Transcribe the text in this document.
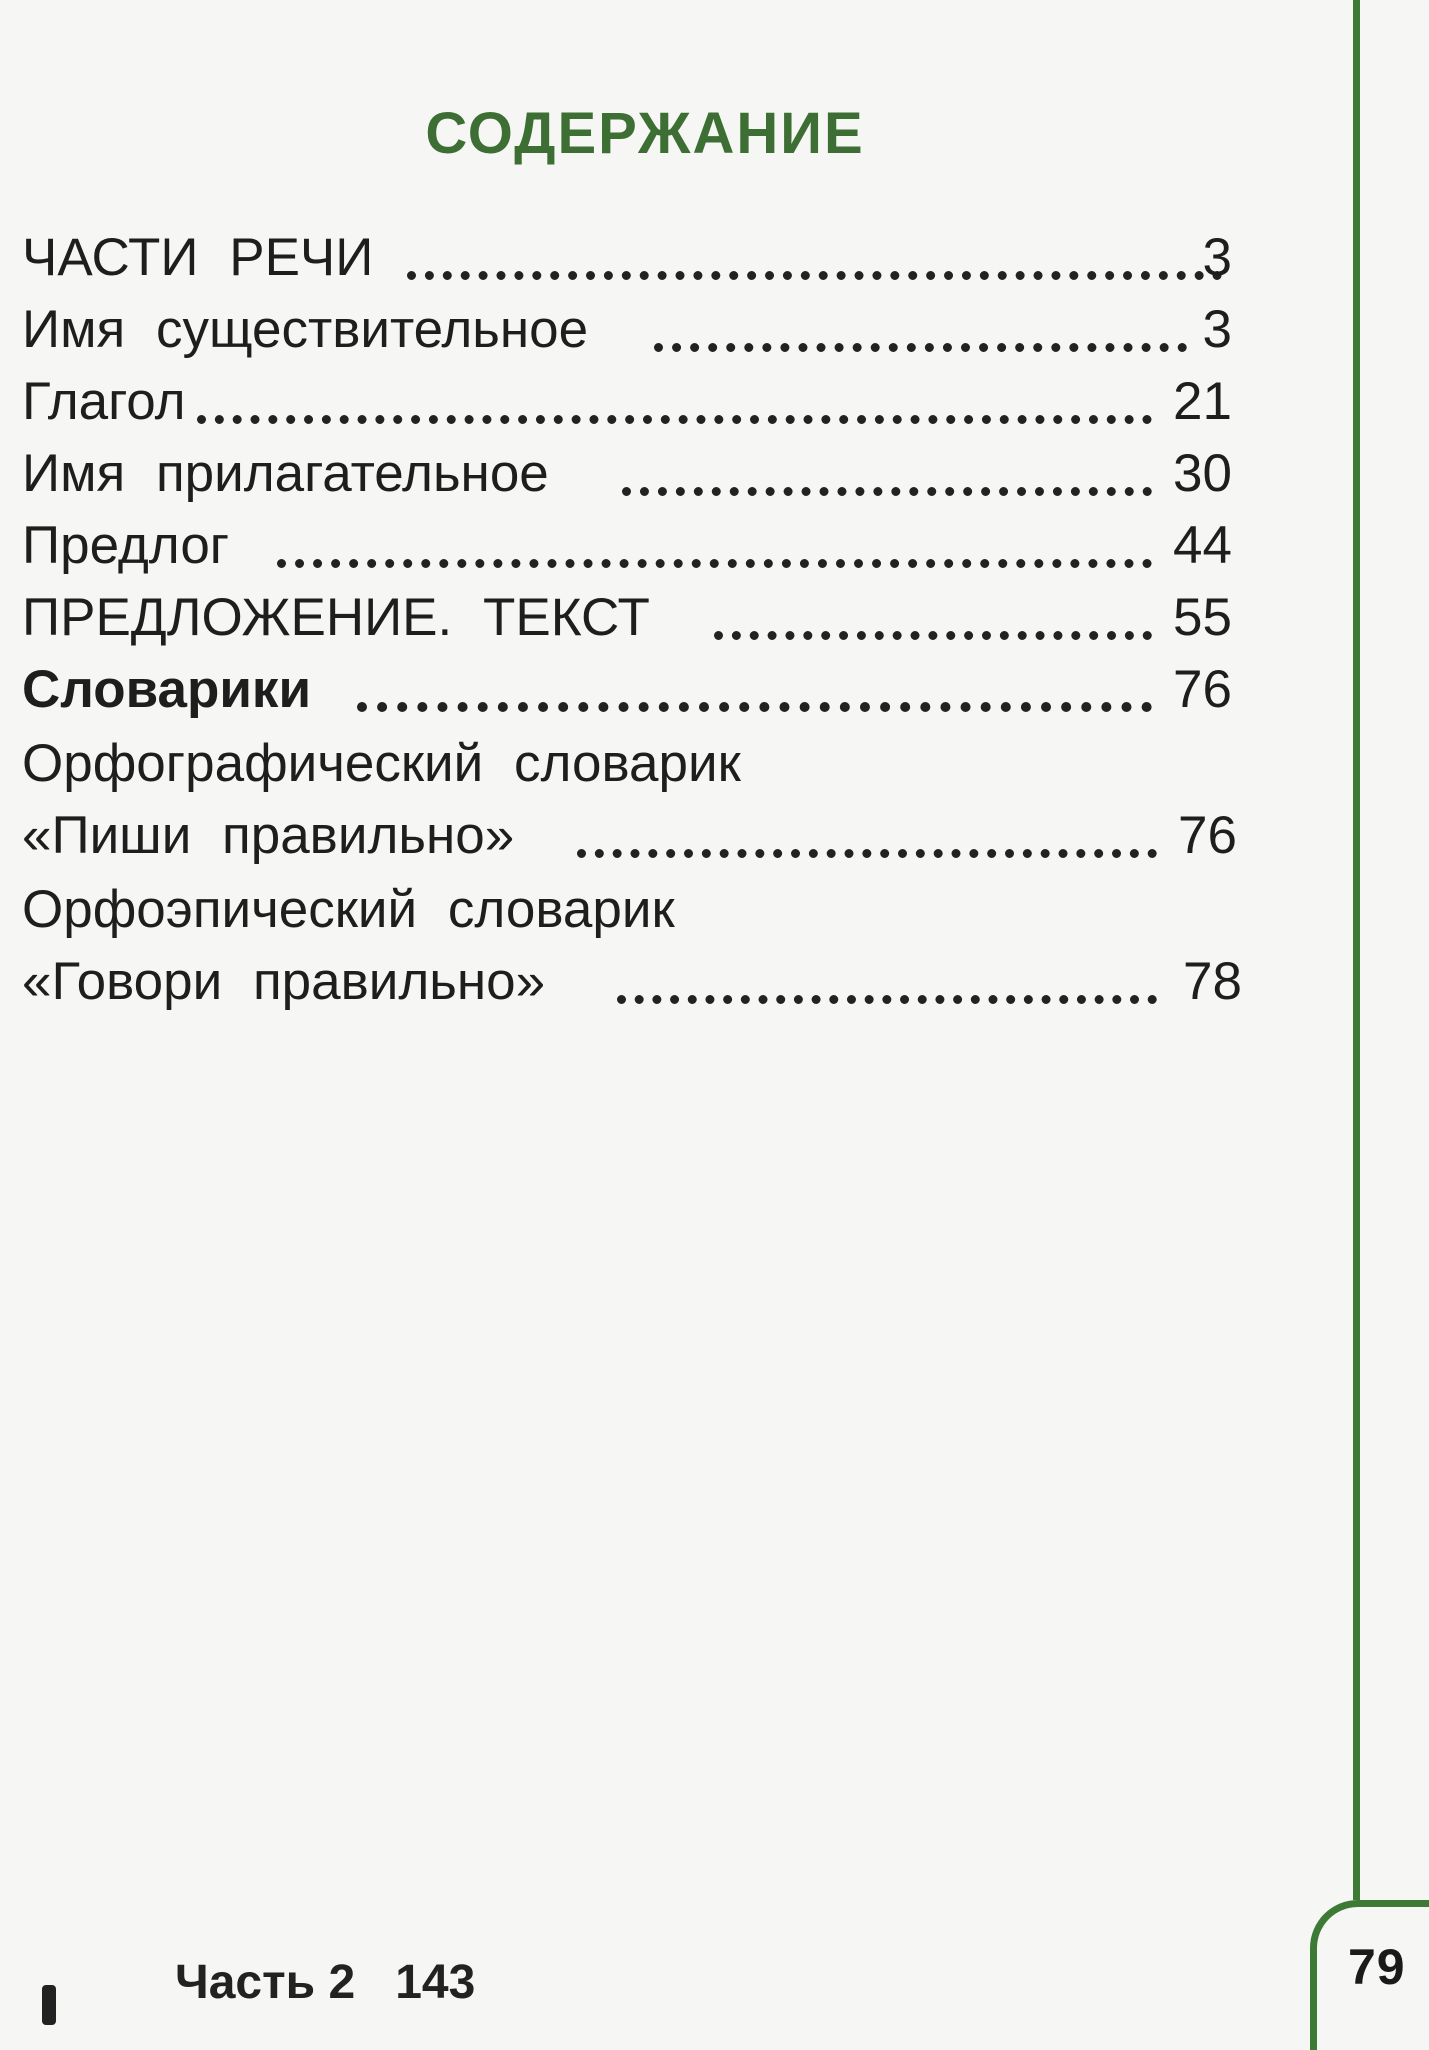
79
СОДЕРЖАНИЕ
ЧАСТИ РЕЧИ	3
Имя существительное	3
Глагол	21
Имя прилагательное	30
Предлог	44
ПРЕДЛОЖЕНИЕ. ТЕКСТ	55
Словарики	76
Орфографический словарик
«Пиши правильно»	76
Орфоэпический словарик
«Говори правильно»	78
Часть 2 143
